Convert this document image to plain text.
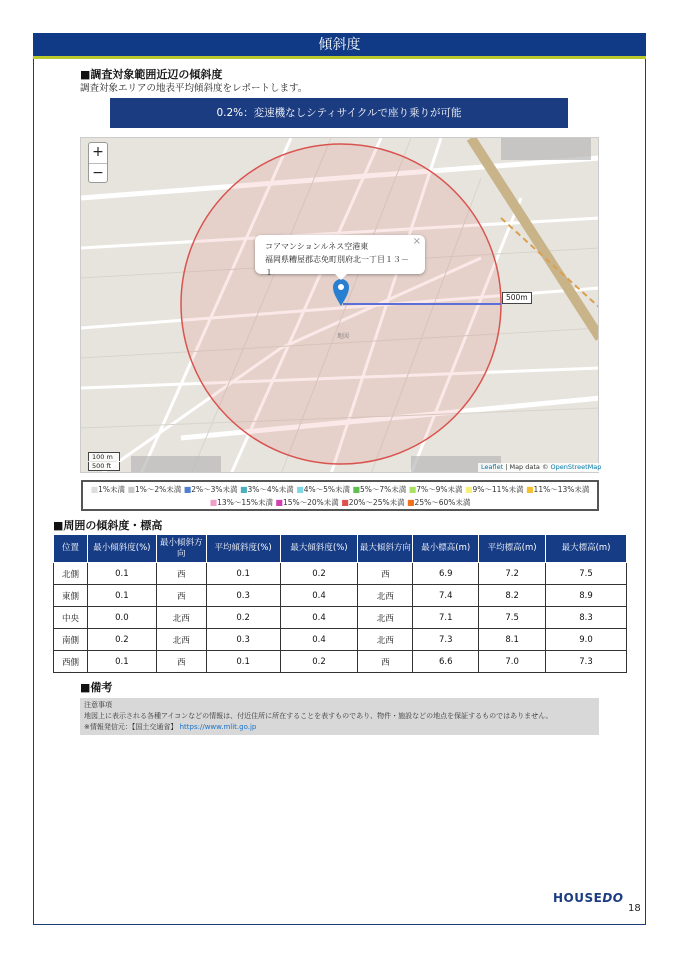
傾斜度
■調査対象範囲近辺の傾斜度
調査対象エリアの地表平均傾斜度をレポートします。
0.2%：変速機なしシティサイクルで座り乗りが可能
地図
+
−
×
コアマンションルネス空港東
福岡県糟屋郡志免町別府北一丁目１３－１
500m
100 m
500 ft	Leaflet | Map data © OpenStreetMap
■1%未満 ■1%〜2%未満 ■2%〜3%未満 ■3%〜4%未満 ■4%〜5%未満 ■5%〜7%未満 ■7%〜9%未満 ■9%〜11%未満 ■11%〜13%未満
■13%〜15%未満 ■15%〜20%未満 ■20%〜25%未満 ■25%〜60%未満
■周囲の傾斜度・標高
位置	最小傾斜度(%)	最小傾斜方向	平均傾斜度(%)	最大傾斜度(%)	最大傾斜方向	最小標高(m)	平均標高(m)	最大標高(m)
北側	0.1	西	0.1	0.2	西	6.9	7.2	7.5
東側	0.1	西	0.3	0.4	北西	7.4	8.2	8.9
中央	0.0	北西	0.2	0.4	北西	7.1	7.5	8.3
南側	0.2	北西	0.3	0.4	北西	7.3	8.1	9.0
西側	0.1	西	0.1	0.2	西	6.6	7.0	7.3
■備考
注意事項
地図上に表示される各種アイコンなどの情報は、付近住所に所在することを表すものであり、物件・施設などの地点を保証するものではありません。
※情報発信元：【国土交通省】 https://www.mlit.go.jp
HOUSEDO
18
